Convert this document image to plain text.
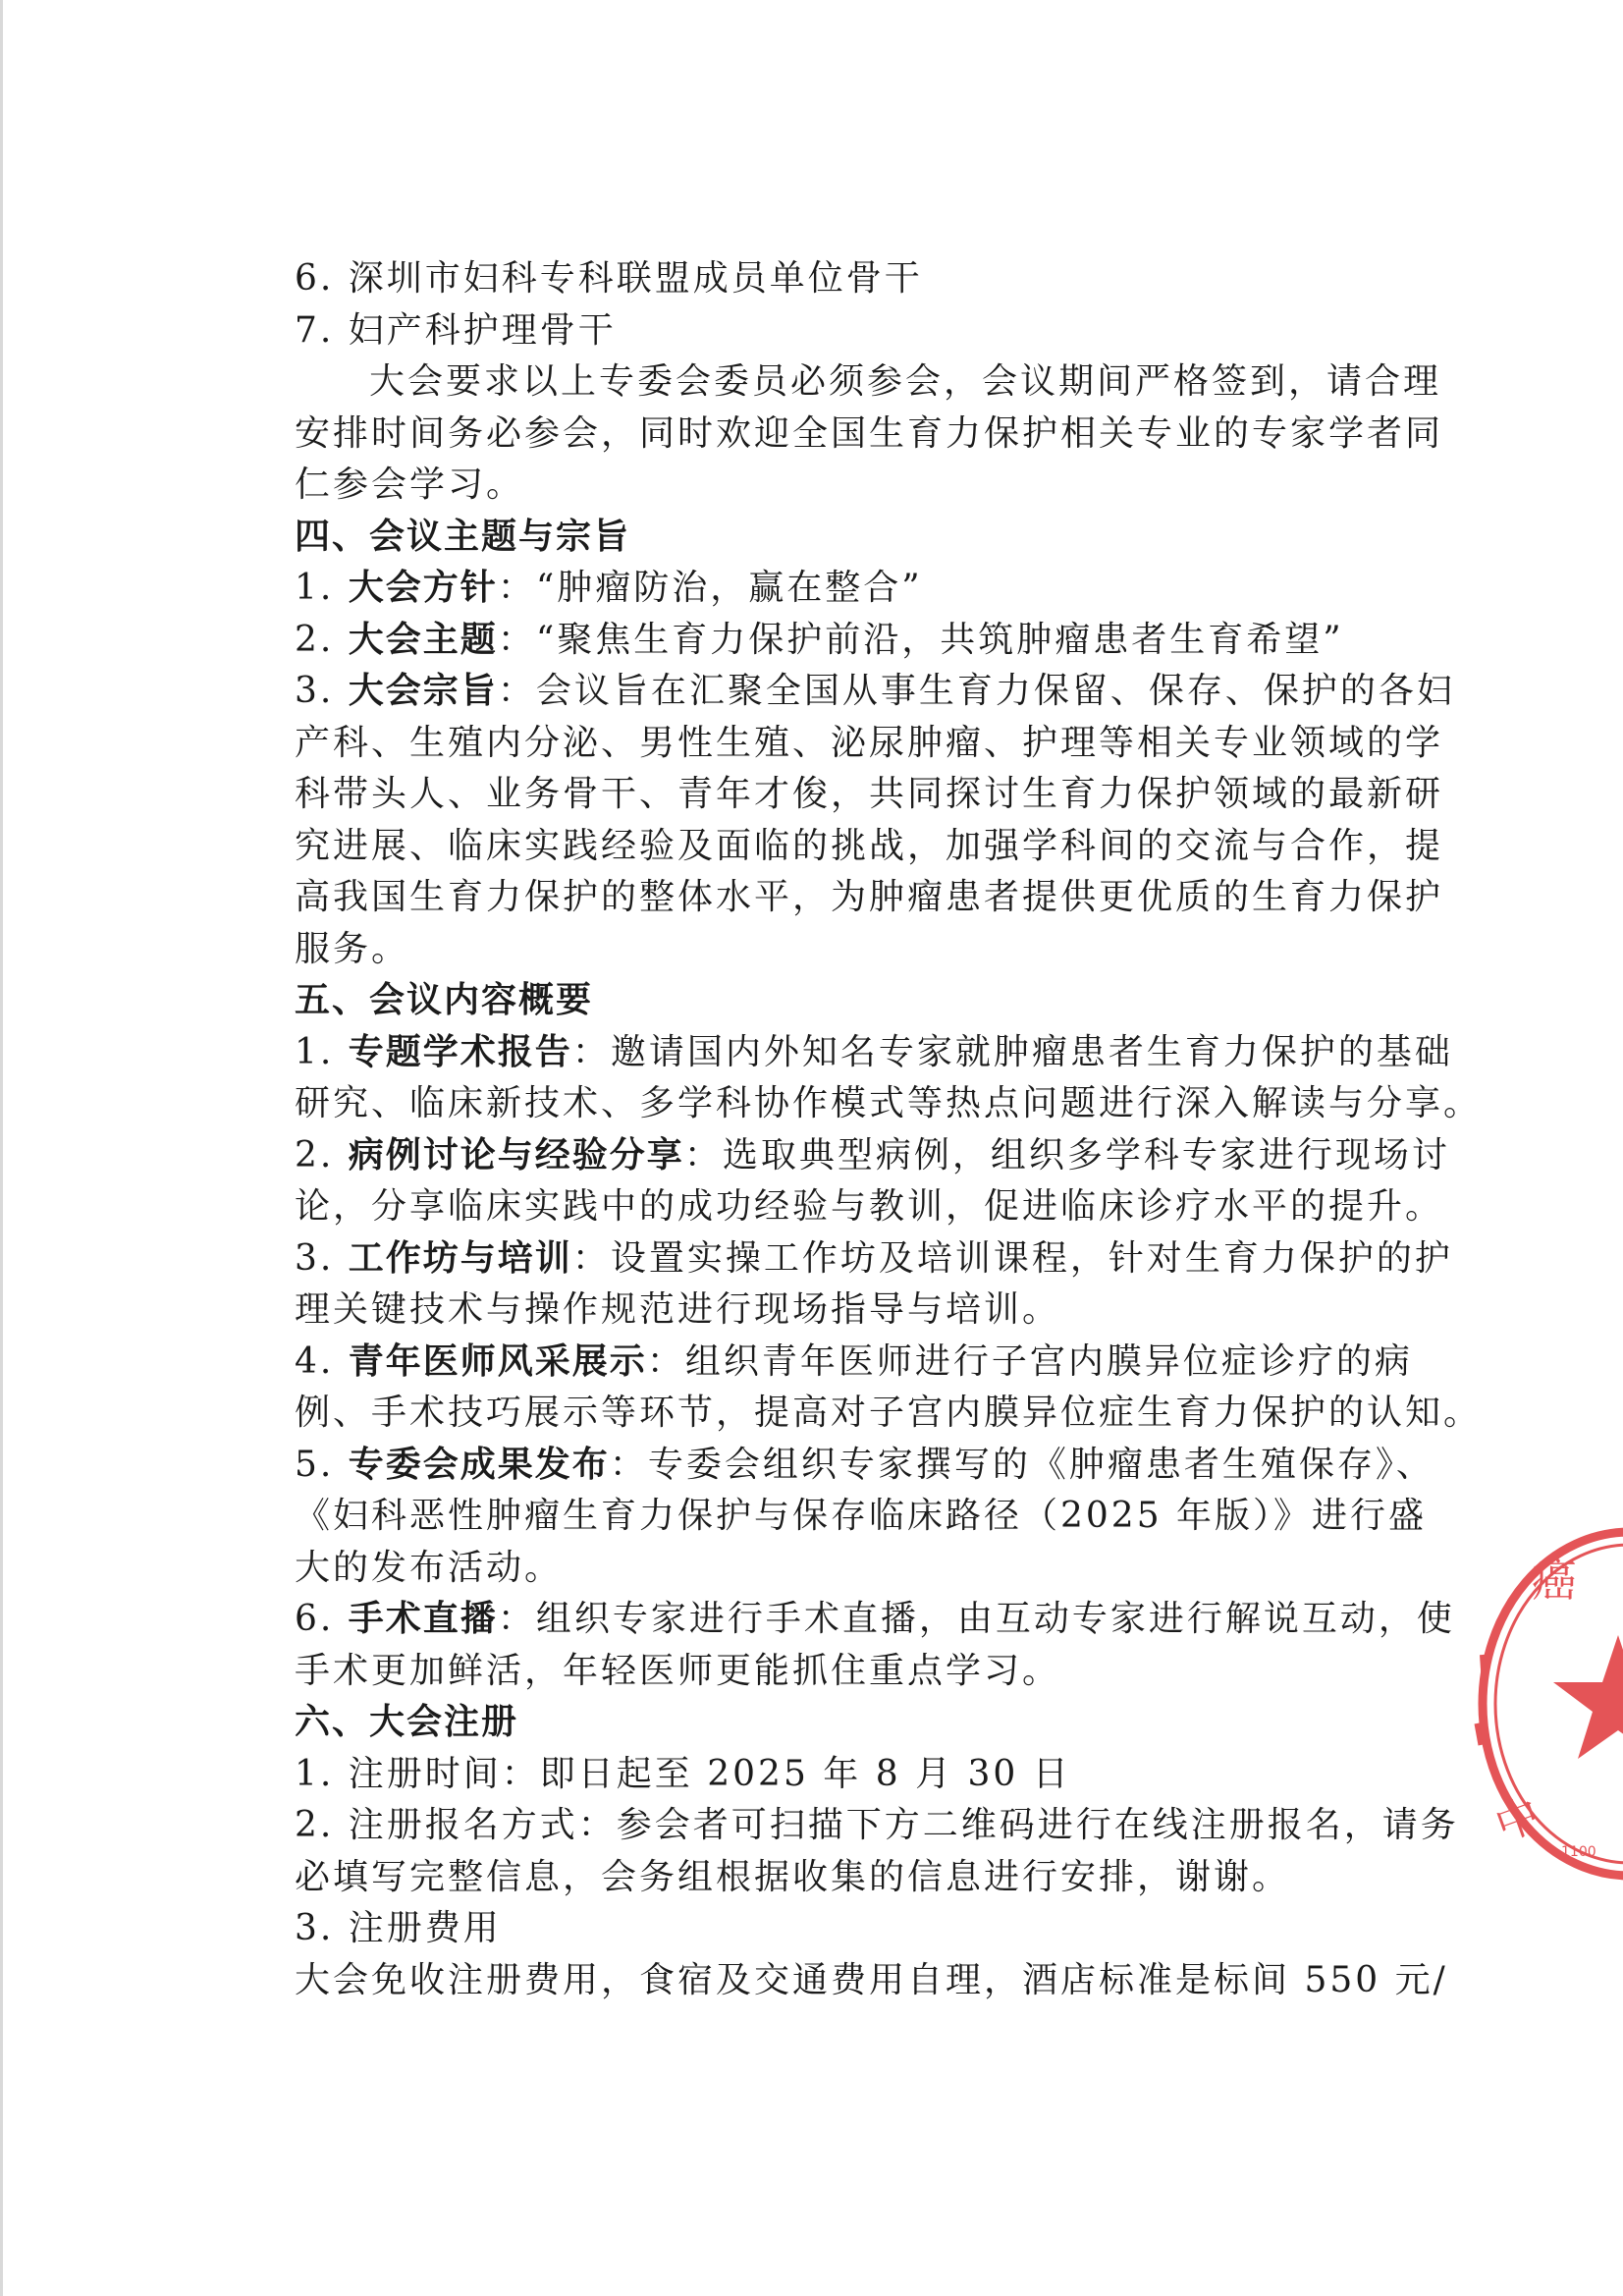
6. 深圳市妇科专科联盟成员单位骨干
7. 妇产科护理骨干
大会要求以上专委会委员必须参会，会议期间严格签到，请合理
安排时间务必参会，同时欢迎全国生育力保护相关专业的专家学者同
仁参会学习。
四、会议主题与宗旨
1. 大会方针：“肿瘤防治，赢在整合”
2. 大会主题：“聚焦生育力保护前沿，共筑肿瘤患者生育希望”
3. 大会宗旨：会议旨在汇聚全国从事生育力保留、保存、保护的各妇
产科、生殖内分泌、男性生殖、泌尿肿瘤、护理等相关专业领域的学
科带头人、业务骨干、青年才俊，共同探讨生育力保护领域的最新研
究进展、临床实践经验及面临的挑战，加强学科间的交流与合作，提
高我国生育力保护的整体水平，为肿瘤患者提供更优质的生育力保护
服务。
五、会议内容概要
1. 专题学术报告：邀请国内外知名专家就肿瘤患者生育力保护的基础
研究、临床新技术、多学科协作模式等热点问题进行深入解读与分享。
2. 病例讨论与经验分享：选取典型病例，组织多学科专家进行现场讨
论，分享临床实践中的成功经验与教训，促进临床诊疗水平的提升。
3. 工作坊与培训：设置实操工作坊及培训课程，针对生育力保护的护
理关键技术与操作规范进行现场指导与培训。
4. 青年医师风采展示：组织青年医师进行子宫内膜异位症诊疗的病
例、手术技巧展示等环节，提高对子宫内膜异位症生育力保护的认知。
5. 专委会成果发布：专委会组织专家撰写的《肿瘤患者生殖保存》、
《妇科恶性肿瘤生育力保护与保存临床路径（2025 年版）》进行盛
大的发布活动。
6. 手术直播：组织专家进行手术直播，由互动专家进行解说互动，使
手术更加鲜活，年轻医师更能抓住重点学习。
六、大会注册
1. 注册时间：即日起至 2025 年 8 月 30 日
2. 注册报名方式：参会者可扫描下方二维码进行在线注册报名，请务
必填写完整信息，会务组根据收集的信息进行安排，谢谢。
3. 注册费用
大会免收注册费用，食宿及交通费用自理，酒店标准是标间 550 元/
癌
中
1100
